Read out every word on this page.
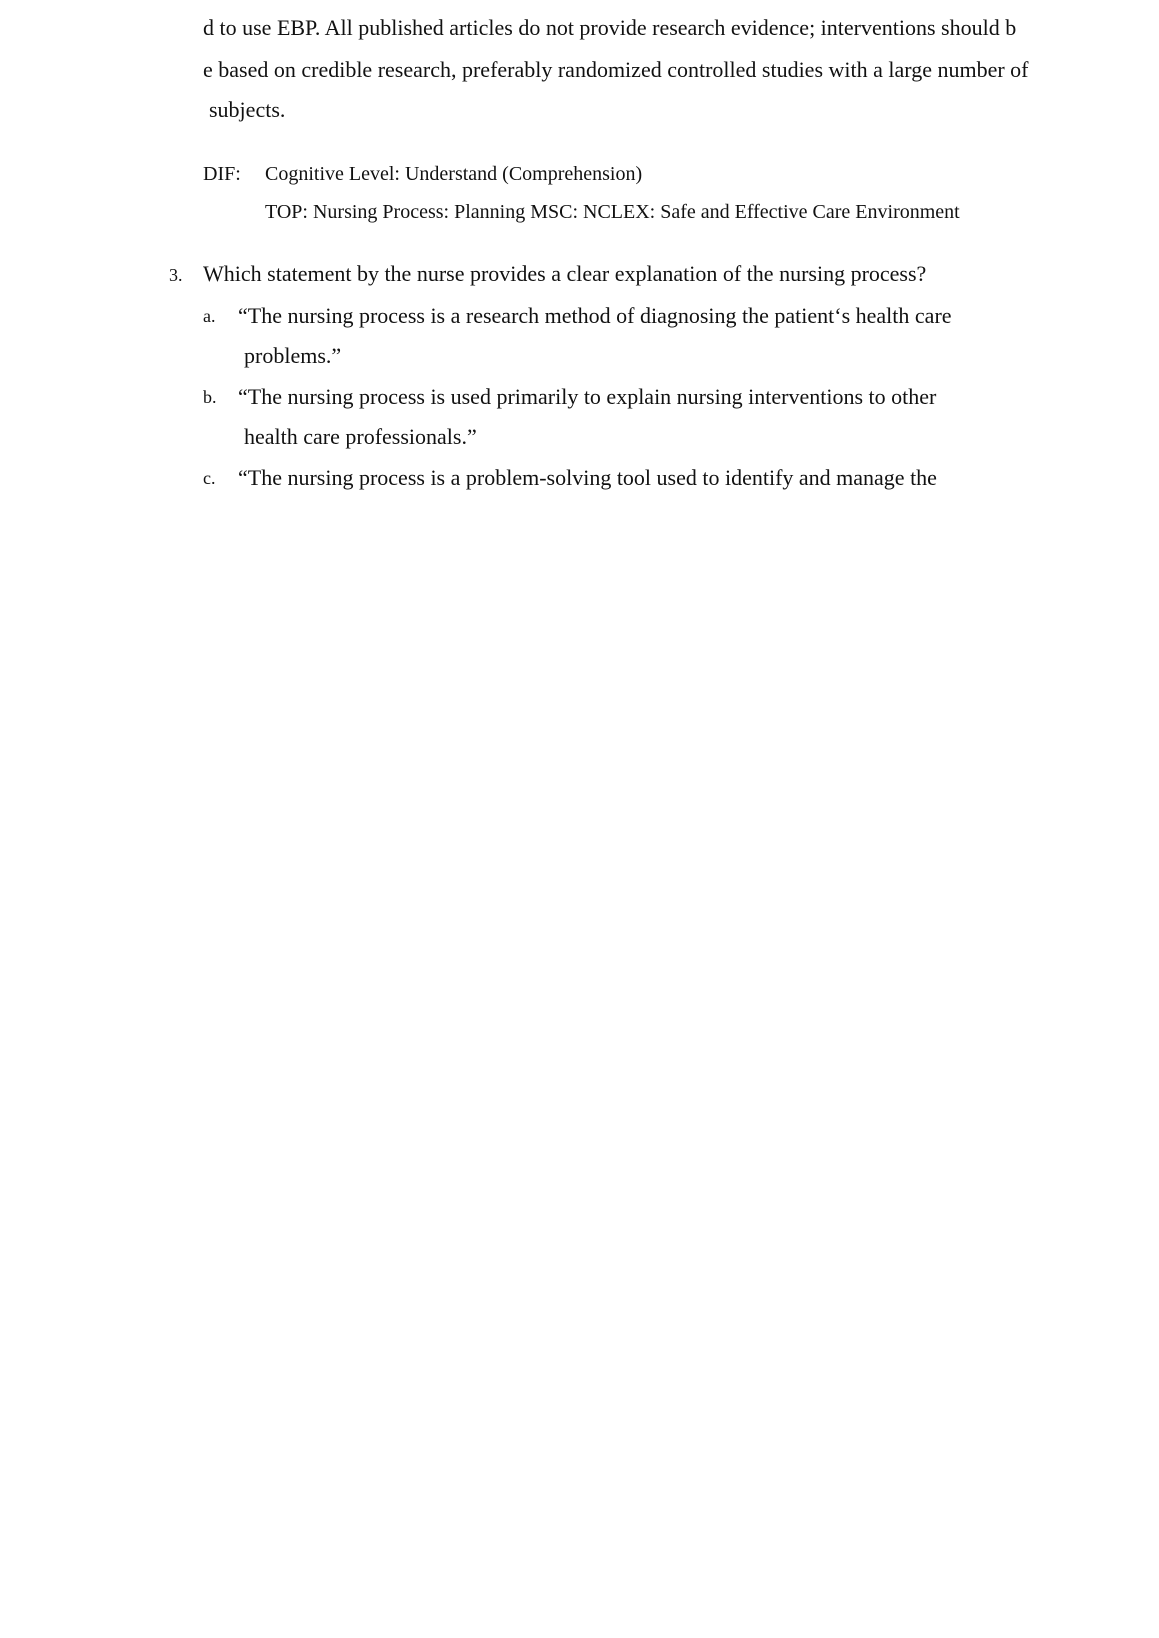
d to use EBP. All published articles do not provide research evidence; interventions should b
e based on credible research, preferably randomized controlled studies with a large number of
subjects.
DIF: Cognitive Level: Understand (Comprehension)
TOP: Nursing Process: Planning MSC: NCLEX: Safe and Effective Care Environment
3. Which statement by the nurse provides a clear explanation of the nursing process?
a. “The nursing process is a research method of diagnosing the patient‘s health care
problems.”
b. “The nursing process is used primarily to explain nursing interventions to other
health care professionals.”
c. “The nursing process is a problem-solving tool used to identify and manage the
